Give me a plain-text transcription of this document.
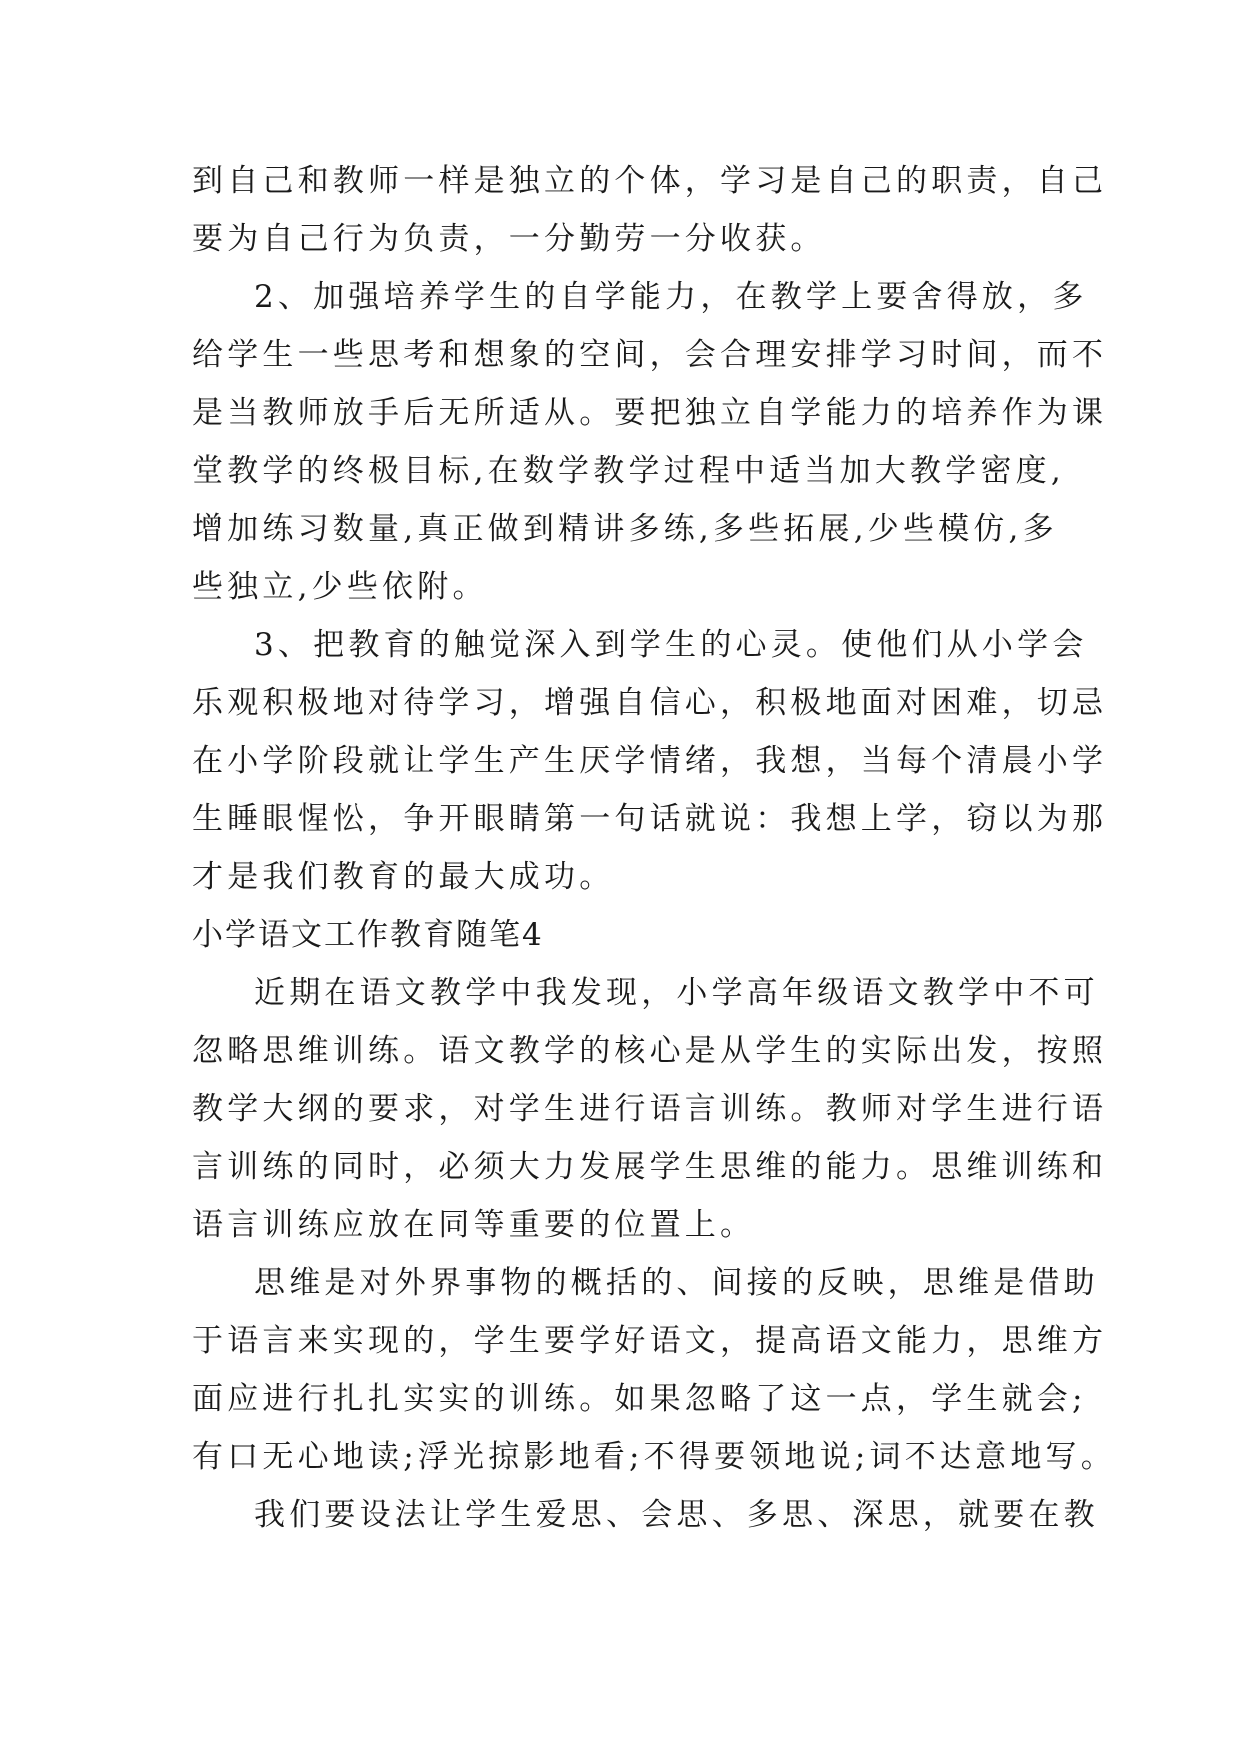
到自己和教师一样是独立的个体，学习是自己的职责，自己
要为自己行为负责，一分勤劳一分收获。
2、加强培养学生的自学能力，在教学上要舍得放，多
给学生一些思考和想象的空间，会合理安排学习时间，而不
是当教师放手后无所适从。要把独立自学能力的培养作为课
堂教学的终极目标,在数学教学过程中适当加大教学密度,
增加练习数量,真正做到精讲多练,多些拓展,少些模仿,多
些独立,少些依附。
3、把教育的触觉深入到学生的心灵。使他们从小学会
乐观积极地对待学习，增强自信心，积极地面对困难，切忌
在小学阶段就让学生产生厌学情绪，我想，当每个清晨小学
生睡眼惺忪，争开眼睛第一句话就说：我想上学，窃以为那
才是我们教育的最大成功。
小学语文工作教育随笔4
近期在语文教学中我发现，小学高年级语文教学中不可
忽略思维训练。语文教学的核心是从学生的实际出发，按照
教学大纲的要求，对学生进行语言训练。教师对学生进行语
言训练的同时，必须大力发展学生思维的能力。思维训练和
语言训练应放在同等重要的位置上。
思维是对外界事物的概括的、间接的反映，思维是借助
于语言来实现的，学生要学好语文，提高语文能力，思维方
面应进行扎扎实实的训练。如果忽略了这一点，学生就会;
有口无心地读;浮光掠影地看;不得要领地说;词不达意地写。
我们要设法让学生爱思、会思、多思、深思，就要在教
